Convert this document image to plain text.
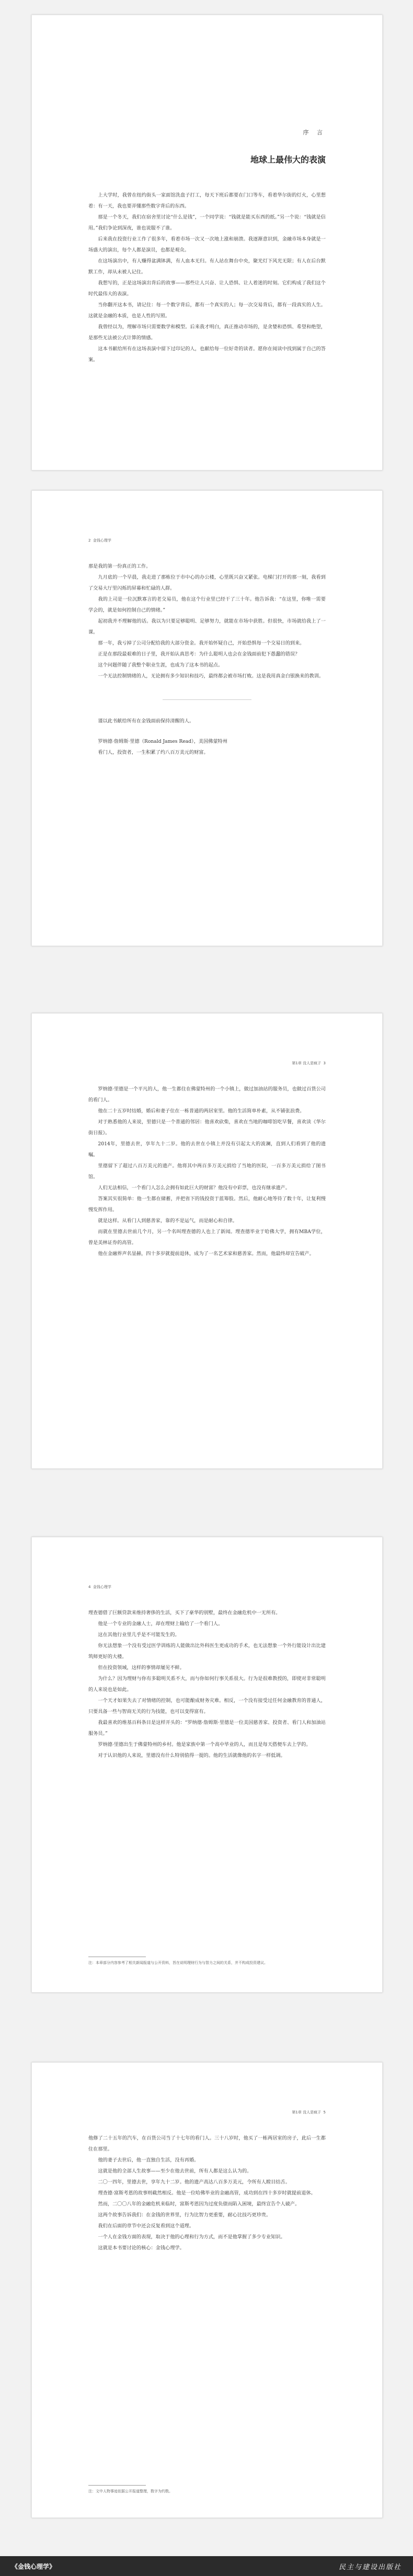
序 言
地球上最伟大的表演

上大学时，我曾在纽约街头一家面馆洗盘子打工，每天下班后都要在门口等车，看着华尔街的灯火，心里想着：有一天，我也要弄懂那些数字背后的东西。

那是一个冬天，我们在宿舍里讨论“什么是钱”，一个同学说：“钱就是能买东西的纸。”另一个说：“钱就是信用。”我们争论到深夜，谁也说服不了谁。

后来我在投资行业工作了很多年，看着市场一次又一次地上涨和崩溃。我逐渐意识到，金融市场本身就是一场盛大的演出，每个人都是演员，也都是观众。

在这场演出中，有人赚得盆满钵满，有人血本无归。有人站在舞台中央，聚光灯下风光无限；有人在后台默默工作，却从未被人记住。

我想写的，正是这场演出背后的故事——那些让人兴奋、让人恐惧、让人着迷的时刻。它们构成了我们这个时代最伟大的表演。

当你翻开这本书，请记住：每一个数字背后，都有一个真实的人；每一次交易背后，都有一段真实的人生。这就是金融的本质，也是人性的写照。

我曾经以为，理解市场只需要数学和模型。后来我才明白，真正推动市场的，是贪婪和恐惧、希望和绝望，是那些无法被公式计算的情感。

这本书献给所有在这场表演中留下过印记的人，也献给每一位好奇的读者。愿你在阅读中找到属于自己的答案。

2 金钱心理学

那是我的第一份真正的工作。

九月底的一个早晨，我走进了那栋位于市中心的办公楼，心里既兴奋又紧张。电梯门打开的那一刻，我看到了交易大厅里闪烁的屏幕和忙碌的人群。

我的上司是一位沉默寡言的老交易员，他在这个行业里已经干了三十年。他告诉我：“在这里，你唯一需要学会的，就是如何控制自己的情绪。”

起初我并不理解他的话。我以为只要足够聪明、足够努力，就能在市场中获胜。但很快，市场就给我上了一课。

那一年，我亏掉了公司分配给我的大部分资金。我开始怀疑自己，开始恐惧每一个交易日的到来。

正是在那段最艰难的日子里，我开始认真思考：为什么聪明人也会在金钱面前犯下愚蠢的错误？

这个问题伴随了我整个职业生涯，也成为了这本书的起点。

一个无法控制情绪的人，无论拥有多少知识和技巧，最终都会被市场打败。这是我用真金白银换来的教训。

谨以此书献给所有在金钱面前保持清醒的人。

罗纳德·詹姆斯·里德（Ronald James Read），美国佛蒙特州

看门人，投资者，一生积累了约八百万美元的财富。

第1章 没人是疯子 3

罗纳德·里德是一个平凡的人，他一生都住在佛蒙特州的一个小镇上，做过加油站的服务员，也做过百货公司的看门人。

他在二十五岁时结婚，婚后和妻子住在一栋普通的两居室里。他的生活简单朴素，从不铺张浪费。

对于熟悉他的人来说，里德只是一个普通的邻居：他喜欢砍柴，喜欢在当地的咖啡馆吃早餐，喜欢读《华尔街日报》。

2014年，里德去世，享年九十二岁。他的去世在小镇上并没有引起太大的波澜，直到人们看到了他的遗嘱。

里德留下了超过八百万美元的遗产。他将其中两百多万美元捐给了当地的医院，一百多万美元捐给了图书馆。

人们无法相信，一个看门人怎么会拥有如此巨大的财富？他没有中彩票，也没有继承遗产。

答案其实很简单：他一生都在储蓄，并把省下的钱投资于蓝筹股。然后，他耐心地等待了数十年，让复利慢慢发挥作用。

就是这样。从看门人到慈善家，靠的不是运气，而是耐心和自律。

而就在里德去世前几个月，另一个名叫理查德的人也上了新闻。理查德毕业于哈佛大学，拥有MBA学位，曾是美林证券的高管。

他在金融界声名显赫，四十多岁就提前退休，成为了一名艺术家和慈善家。然而，他最终却宣告破产。

4 金钱心理学

理查德借了巨额贷款来维持奢侈的生活，买下了豪华的别墅，最终在金融危机中一无所有。

他是一个专业的金融人士，却在理财上输给了一个看门人。

这在其他行业里几乎是不可能发生的。

你无法想象一个没有受过医学训练的人能做出比外科医生更成功的手术，也无法想象一个外行能设计出比建筑师更好的大楼。

但在投资领域，这样的事情却屡见不鲜。

为什么？因为理财与你有多聪明关系不大，而与你如何行事关系很大。行为是很难教授的，即使对非常聪明的人来说也是如此。

一个天才如果失去了对情绪的控制，也可能酿成财务灾难。相反，一个没有接受过任何金融教育的普通人，只要具备一些与智商无关的行为技能，也可以变得富有。

我最喜欢的维基百科条目是这样开头的：“罗纳德·詹姆斯·里德是一位美国慈善家、投资者、看门人和加油站服务员。”

罗纳德·里德出生于佛蒙特州的乡村。他是家族中第一个高中毕业的人，而且是每天搭便车去上学的。

对于认识他的人来说，里德没有什么特别值得一提的。他的生活就像他的名字一样低调。

注：本章部分内容参考了相关新闻报道与公开资料，旨在说明理财行为与智力之间的关系，并不构成投资建议。
第1章 没人是疯子 5

他修了二十五年的汽车，在百货公司当了十七年的看门人。三十八岁时，他买了一栋两居室的房子，此后一生都住在那里。

他的妻子去世后，他一直独自生活，没有再婚。

这就是他的全部人生故事——至少在他去世前，所有人都是这么认为的。

二〇一四年，里德去世，享年九十二岁。他的遗产高达八百多万美元，令所有人瞠目结舌。

理查德·富斯考恩的故事则截然相反。他是一位哈佛毕业的金融高管，成功到在四十多岁时就提前退休。

然而，二〇〇八年的金融危机来临时，富斯考恩因为过度负债而陷入困境，最终宣告个人破产。

这两个故事告诉我们：在金钱的世界里，行为比智力更重要，耐心比技巧更珍贵。

我们在后面的章节中还会反复看到这个道理。

一个人在金钱方面的表现，取决于他的心理和行为方式，而不是他掌握了多少专业知识。

这就是本书要讨论的核心：金钱心理学。

注：文中人物事迹依据公开报道整理，数字为约数。
《金钱心理学》	民主与建设出版社
